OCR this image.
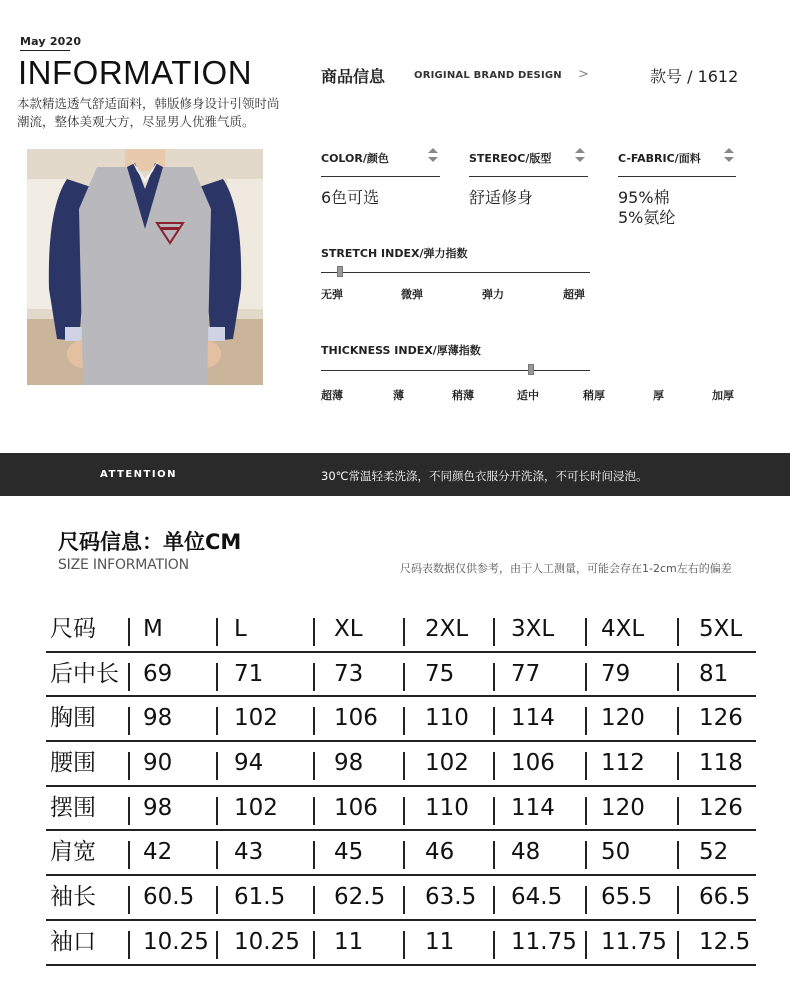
May 2020
INFORMATION
本款精选透气舒适面料，韩版修身设计引领时尚
潮流，整体美观大方，尽显男人优雅气质。
商品信息	ORIGINAL BRAND DESIGN >	款号 / 1612
COLOR/颜色
6色可选
STEREOC/版型
舒适修身
C-FABRIC/面料
95%棉
5%氨纶
STRETCH INDEX/弹力指数
无弹	微弹	弹力	超弹
THICKNESS INDEX/厚薄指数
超薄	薄	稍薄	适中	稍厚	厚	加厚
ATTENTION	30℃常温轻柔洗涤，不同颜色衣服分开洗涤，不可长时间浸泡。
尺码信息：单位CM
SIZE INFORMATION	尺码表数据仅供参考，由于人工测量，可能会存在1-2cm左右的偏差
尺码 M	L	XL	2XL 3XL 4XL 5XL
后中长 69	71	73	75 77	79	81
胸围 98	102 106 110 114 120 126
腰围 90	94	98	102 106 112 118
摆围 98	102 106 110 114 120 126
肩宽 42	43	45	46 48	50	52
袖长 60.5 61.5 62.5 63.5 64.5 65.5 66.5
袖口 10.25 10.25 11	11 11.75 11.75 12.5
